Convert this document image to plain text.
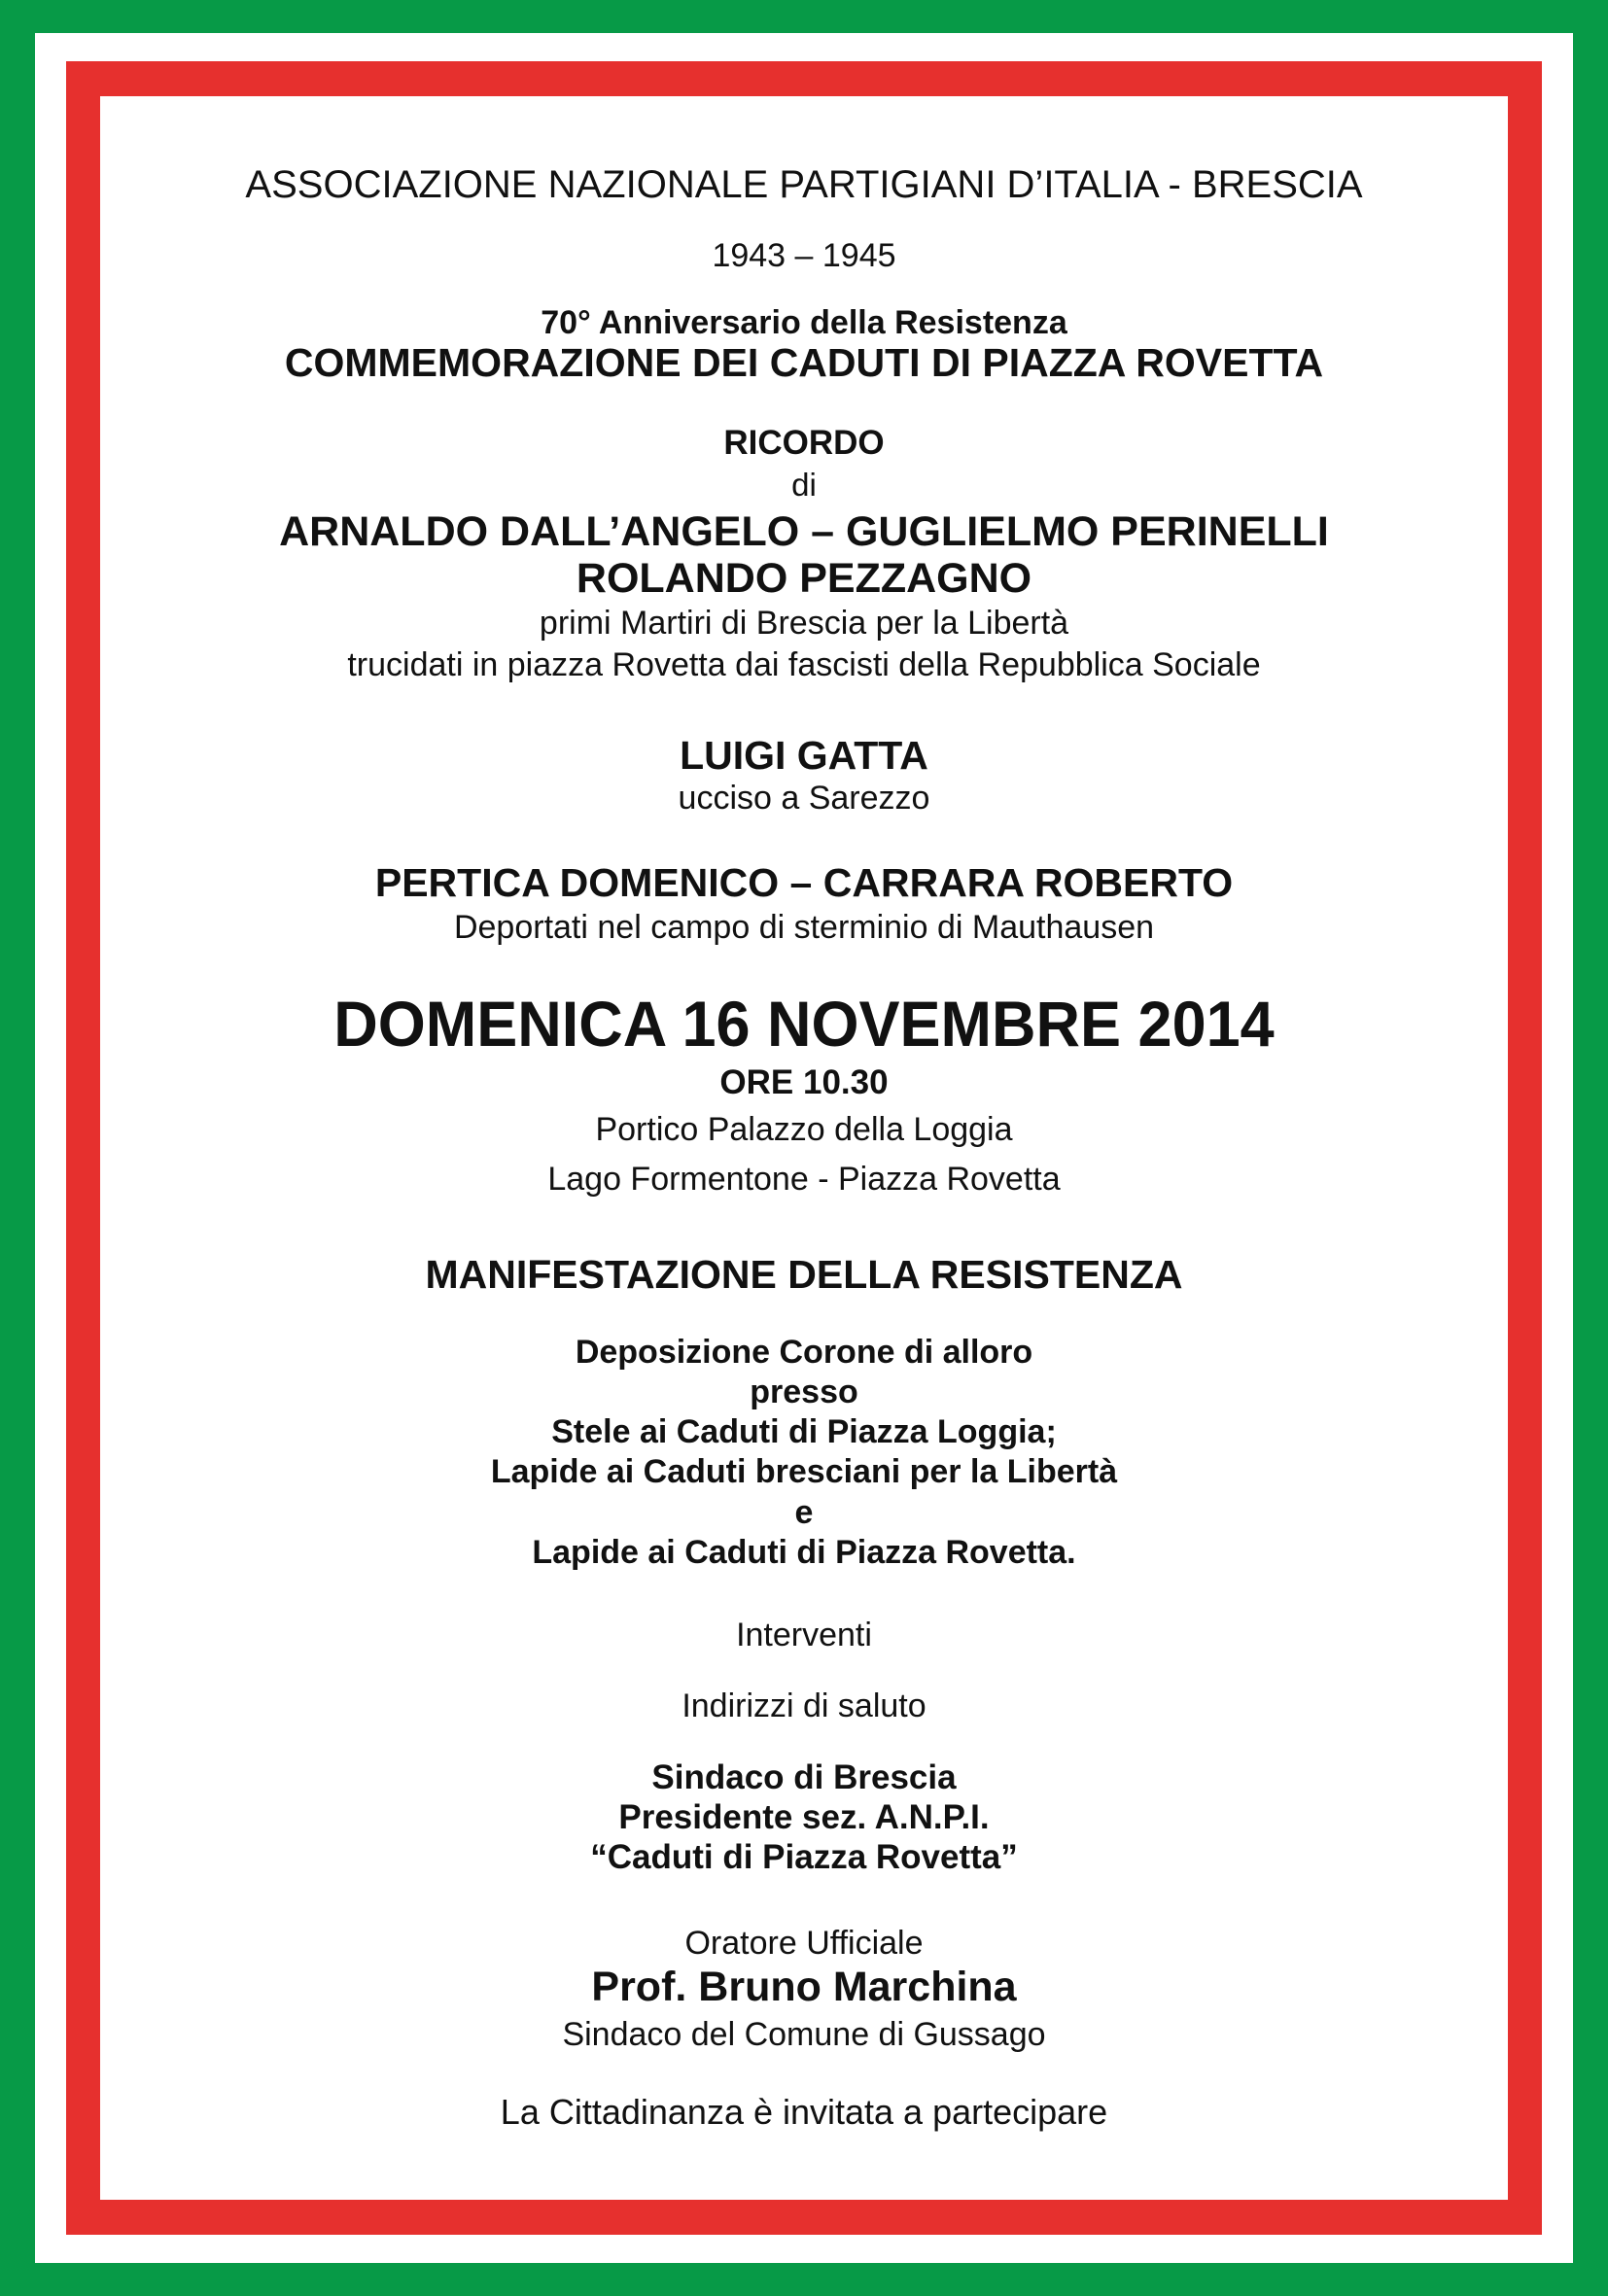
ASSOCIAZIONE NAZIONALE PARTIGIANI D’ITALIA - BRESCIA
1943 – 1945
70° Anniversario della Resistenza
COMMEMORAZIONE DEI CADUTI DI PIAZZA ROVETTA
RICORDO
di
ARNALDO DALL’ANGELO – GUGLIELMO PERINELLI
ROLANDO PEZZAGNO
primi Martiri di Brescia per la Libertà
trucidati in piazza Rovetta dai fascisti della Repubblica Sociale
LUIGI GATTA
ucciso a Sarezzo
PERTICA DOMENICO – CARRARA ROBERTO
Deportati nel campo di sterminio di Mauthausen
DOMENICA 16 NOVEMBRE 2014
ORE 10.30
Portico Palazzo della Loggia
Lago Formentone - Piazza Rovetta
MANIFESTAZIONE DELLA RESISTENZA
Deposizione Corone di alloro
presso
Stele ai Caduti di Piazza Loggia;
Lapide ai Caduti bresciani per la Libertà
e
Lapide ai Caduti di Piazza Rovetta.
Interventi
Indirizzi di saluto
Sindaco di Brescia
Presidente sez. A.N.P.I.
“Caduti di Piazza Rovetta”
Oratore Ufficiale
Prof. Bruno Marchina
Sindaco del Comune di Gussago
La Cittadinanza è invitata a partecipare
